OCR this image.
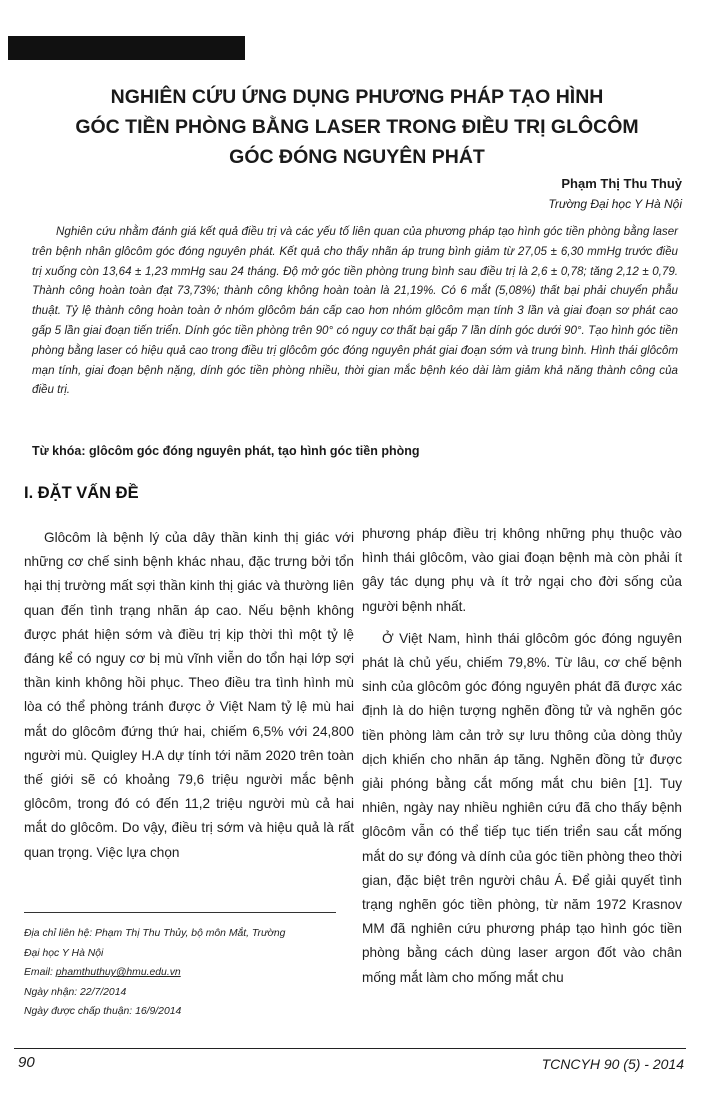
NGHIÊN CỨU ỨNG DỤNG PHƯƠNG PHÁP TẠO HÌNH
GÓC TIỀN PHÒNG BẰNG LASER TRONG ĐIỀU TRỊ GLÔCÔM
GÓC ĐÓNG NGUYÊN PHÁT
Phạm Thị Thu Thuỷ
Trường Đại học Y Hà Nội

Nghiên cứu nhằm đánh giá kết quả điều trị và các yếu tố liên quan của phương pháp tạo hình góc tiền phòng bằng laser trên bệnh nhân glôcôm góc đóng nguyên phát. Kết quả cho thấy nhãn áp trung bình giảm từ 27,05 ± 6,30 mmHg trước điều trị xuống còn 13,64 ± 1,23 mmHg sau 24 tháng. Độ mở góc tiền phòng trung bình sau điều trị là 2,6 ± 0,78; tăng 2,12 ± 0,79. Thành công hoàn toàn đạt 73,73%; thành công không hoàn toàn là 21,19%. Có 6 mắt (5,08%) thất bại phải chuyển phẫu thuật. Tỷ lệ thành công hoàn toàn ở nhóm glôcôm bán cấp cao hơn nhóm glôcôm mạn tính 3 lần và giai đoạn sơ phát cao gấp 5 lần giai đoạn tiến triển. Dính góc tiền phòng trên 90° có nguy cơ thất bại gấp 7 lần dính góc dưới 90°. Tạo hình góc tiền phòng bằng laser có hiệu quả cao trong điều trị glôcôm góc đóng nguyên phát giai đoạn sớm và trung bình. Hình thái glôcôm mạn tính, giai đoạn bệnh nặng, dính góc tiền phòng nhiều, thời gian mắc bệnh kéo dài làm giảm khả năng thành công của điều trị.

Từ khóa: glôcôm góc đóng nguyên phát, tạo hình góc tiền phòng
I. ĐẶT VẤN ĐỀ

Glôcôm là bệnh lý của dây thần kinh thị giác với những cơ chế sinh bệnh khác nhau, đặc trưng bởi tổn hại thị trường mất sợi thần kinh thị giác và thường liên quan đến tình trạng nhãn áp cao. Nếu bệnh không được phát hiện sớm và điều trị kịp thời thì một tỷ lệ đáng kể có nguy cơ bị mù vĩnh viễn do tổn hại lớp sợi thần kinh không hồi phục. Theo điều tra tình hình mù lòa có thể phòng tránh được ở Việt Nam tỷ lệ mù hai mắt do glôcôm đứng thứ hai, chiếm 6,5% với 24,800 người mù. Quigley H.A dự tính tới năm 2020 trên toàn thế giới sẽ có khoảng 79,6 triệu người mắc bệnh glôcôm, trong đó có đến 11,2 triệu người mù cả hai mắt do glôcôm. Do vậy, điều trị sớm và hiệu quả là rất quan trọng. Việc lựa chọn

phương pháp điều trị không những phụ thuộc vào hình thái glôcôm, vào giai đoạn bệnh mà còn phải ít gây tác dụng phụ và ít trở ngại cho đời sống của người bệnh nhất.

Ở Việt Nam, hình thái glôcôm góc đóng nguyên phát là chủ yếu, chiếm 79,8%. Từ lâu, cơ chế bệnh sinh của glôcôm góc đóng nguyên phát đã được xác định là do hiện tượng nghẽn đồng tử và nghẽn góc tiền phòng làm cản trở sự lưu thông của dòng thủy dịch khiến cho nhãn áp tăng. Nghẽn đồng tử được giải phóng bằng cắt mống mắt chu biên [1]. Tuy nhiên, ngày nay nhiều nghiên cứu đã cho thấy bệnh glôcôm vẫn có thể tiếp tục tiến triển sau cắt mống mắt do sự đóng và dính của góc tiền phòng theo thời gian, đặc biệt trên người châu Á. Để giải quyết tình trạng nghẽn góc tiền phòng, từ năm 1972 Krasnov MM đã nghiên cứu phương pháp tạo hình góc tiền phòng bằng cách dùng laser argon đốt vào chân mống mắt làm cho mống mắt chu

Địa chỉ liên hệ: Phạm Thị Thu Thủy, bộ môn Mắt, Trường
Đại học Y Hà Nội
Email: phamthuthuy@hmu.edu.vn
Ngày nhận: 22/7/2014
Ngày được chấp thuận: 16/9/2014
90	TCNCYH 90 (5) - 2014
